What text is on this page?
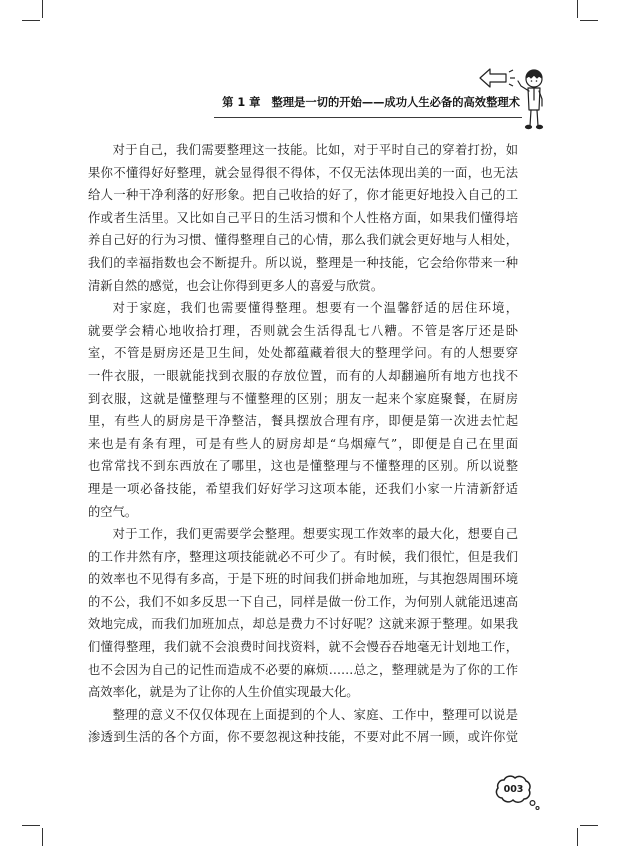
第 1 章 整理是一切的开始——成功人生必备的高效整理术
对于自己，我们需要整理这一技能。比如，对于平时自己的穿着打扮，如
果你不懂得好好整理，就会显得很不得体，不仅无法体现出美的一面，也无法
给人一种干净利落的好形象。把自己收拾的好了，你才能更好地投入自己的工
作或者生活里。又比如自己平日的生活习惯和个人性格方面，如果我们懂得培
养自己好的行为习惯、懂得整理自己的心情，那么我们就会更好地与人相处，
我们的幸福指数也会不断提升。所以说，整理是一种技能，它会给你带来一种
清新自然的感觉，也会让你得到更多人的喜爱与欣赏。
对于家庭，我们也需要懂得整理。想要有一个温馨舒适的居住环境，
就要学会精心地收拾打理，否则就会生活得乱七八糟。不管是客厅还是卧
室，不管是厨房还是卫生间，处处都蕴藏着很大的整理学问。有的人想要穿
一件衣服，一眼就能找到衣服的存放位置，而有的人却翻遍所有地方也找不
到衣服，这就是懂整理与不懂整理的区别；朋友一起来个家庭聚餐，在厨房
里，有些人的厨房是干净整洁，餐具摆放合理有序，即便是第一次进去忙起
来也是有条有理，可是有些人的厨房却是“乌烟瘴气”，即便是自己在里面
也常常找不到东西放在了哪里，这也是懂整理与不懂整理的区别。所以说整
理是一项必备技能，希望我们好好学习这项本能，还我们小家一片清新舒适
的空气。
对于工作，我们更需要学会整理。想要实现工作效率的最大化，想要自己
的工作井然有序，整理这项技能就必不可少了。有时候，我们很忙，但是我们
的效率也不见得有多高，于是下班的时间我们拼命地加班，与其抱怨周围环境
的不公，我们不如多反思一下自己，同样是做一份工作，为何别人就能迅速高
效地完成，而我们加班加点，却总是费力不讨好呢？这就来源于整理。如果我
们懂得整理，我们就不会浪费时间找资料，就不会慢吞吞地毫无计划地工作，
也不会因为自己的记性而造成不必要的麻烦……总之，整理就是为了你的工作
高效率化，就是为了让你的人生价值实现最大化。
整理的意义不仅仅体现在上面提到的个人、家庭、工作中，整理可以说是
渗透到生活的各个方面，你不要忽视这种技能，不要对此不屑一顾，或许你觉
003
